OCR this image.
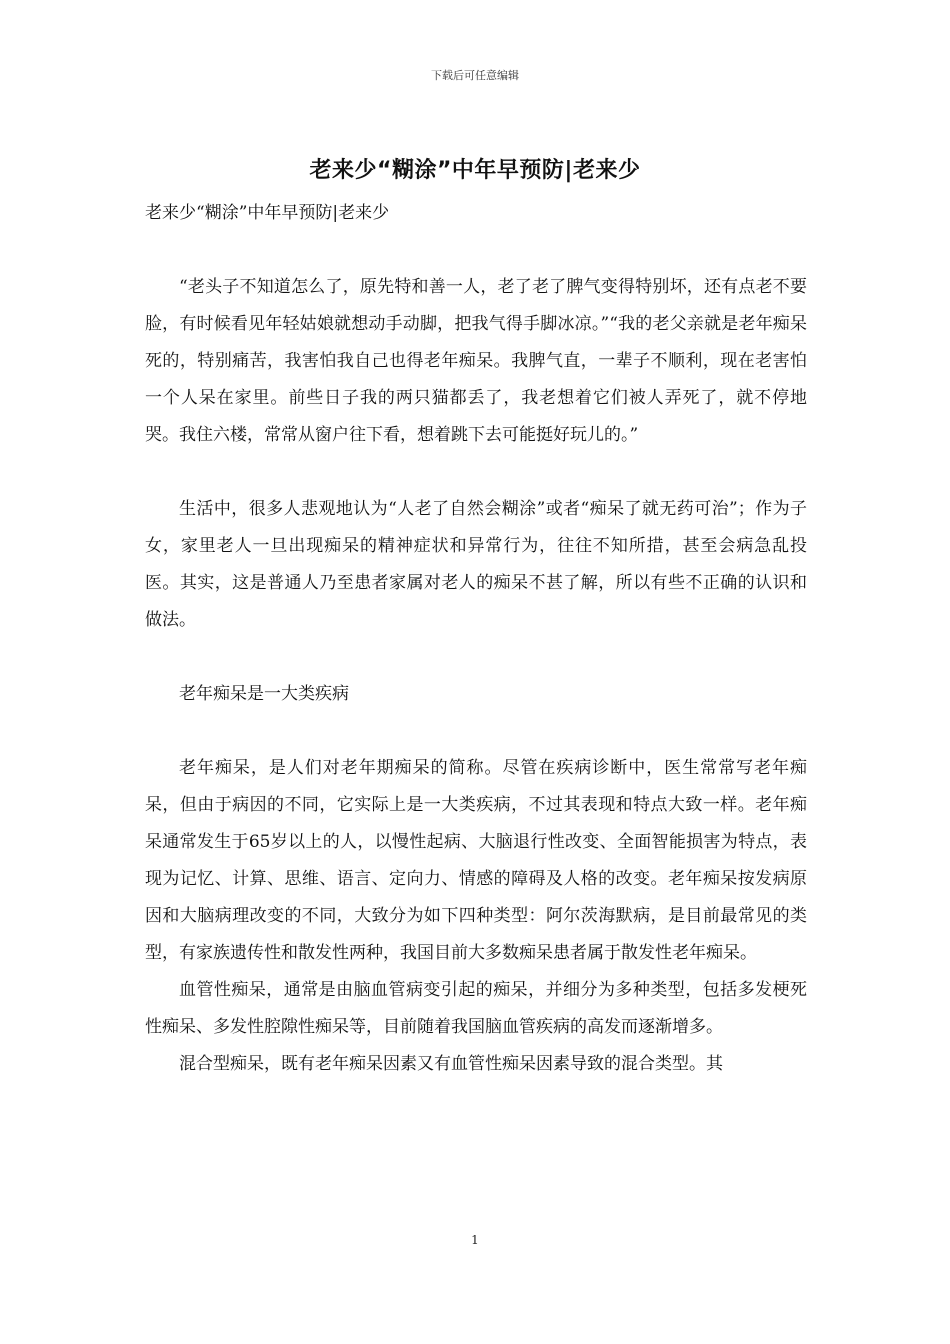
下载后可任意编辑
老来少“糊涂”中年早预防|老来少
老来少“糊涂”中年早预防|老来少

“老头子不知道怎么了，原先特和善一人，老了老了脾气变得特别坏，还有点老不要脸，有时候看见年轻姑娘就想动手动脚，把我气得手脚冰凉。”“我的老父亲就是老年痴呆死的，特别痛苦，我害怕我自己也得老年痴呆。我脾气直，一辈子不顺利，现在老害怕一个人呆在家里。前些日子我的两只猫都丢了，我老想着它们被人弄死了，就不停地哭。我住六楼，常常从窗户往下看，想着跳下去可能挺好玩儿的。”

生活中，很多人悲观地认为“人老了自然会糊涂”或者“痴呆了就无药可治”；作为子女，家里老人一旦出现痴呆的精神症状和异常行为，往往不知所措，甚至会病急乱投医。其实，这是普通人乃至患者家属对老人的痴呆不甚了解，所以有些不正确的认识和做法。

老年痴呆是一大类疾病

老年痴呆，是人们对老年期痴呆的简称。尽管在疾病诊断中，医生常常写老年痴呆，但由于病因的不同，它实际上是一大类疾病，不过其表现和特点大致一样。老年痴呆通常发生于65岁以上的人，以慢性起病、大脑退行性改变、全面智能损害为特点，表现为记忆、计算、思维、语言、定向力、情感的障碍及人格的改变。老年痴呆按发病原因和大脑病理改变的不同，大致分为如下四种类型：阿尔茨海默病，是目前最常见的类型，有家族遗传性和散发性两种，我国目前大多数痴呆患者属于散发性老年痴呆。

血管性痴呆，通常是由脑血管病变引起的痴呆，并细分为多种类型，包括多发梗死性痴呆、多发性腔隙性痴呆等，目前随着我国脑血管疾病的高发而逐渐增多。

混合型痴呆，既有老年痴呆因素又有血管性痴呆因素导致的混合类型。其

1
